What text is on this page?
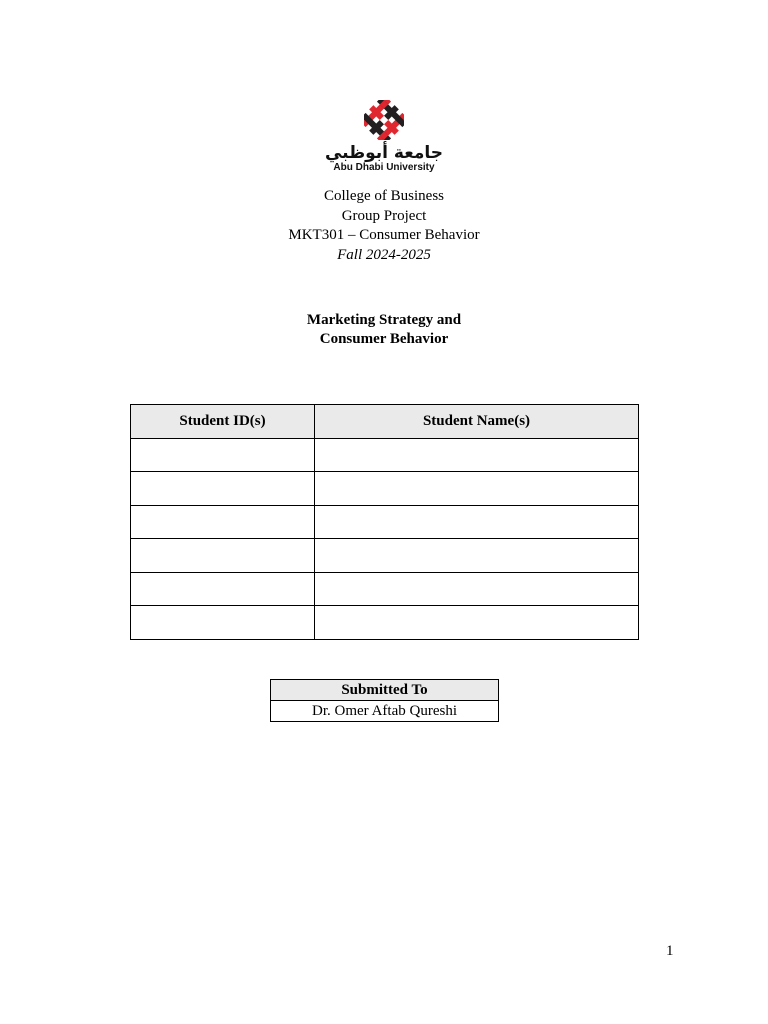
جامعة أبوظبي
Abu Dhabi University
College of Business
Group Project
MKT301 – Consumer Behavior
Fall 2024-2025
Marketing Strategy and
Consumer Behavior
Student ID(s)	Student Name(s)

Submitted To
Dr. Omer Aftab Qureshi
1
